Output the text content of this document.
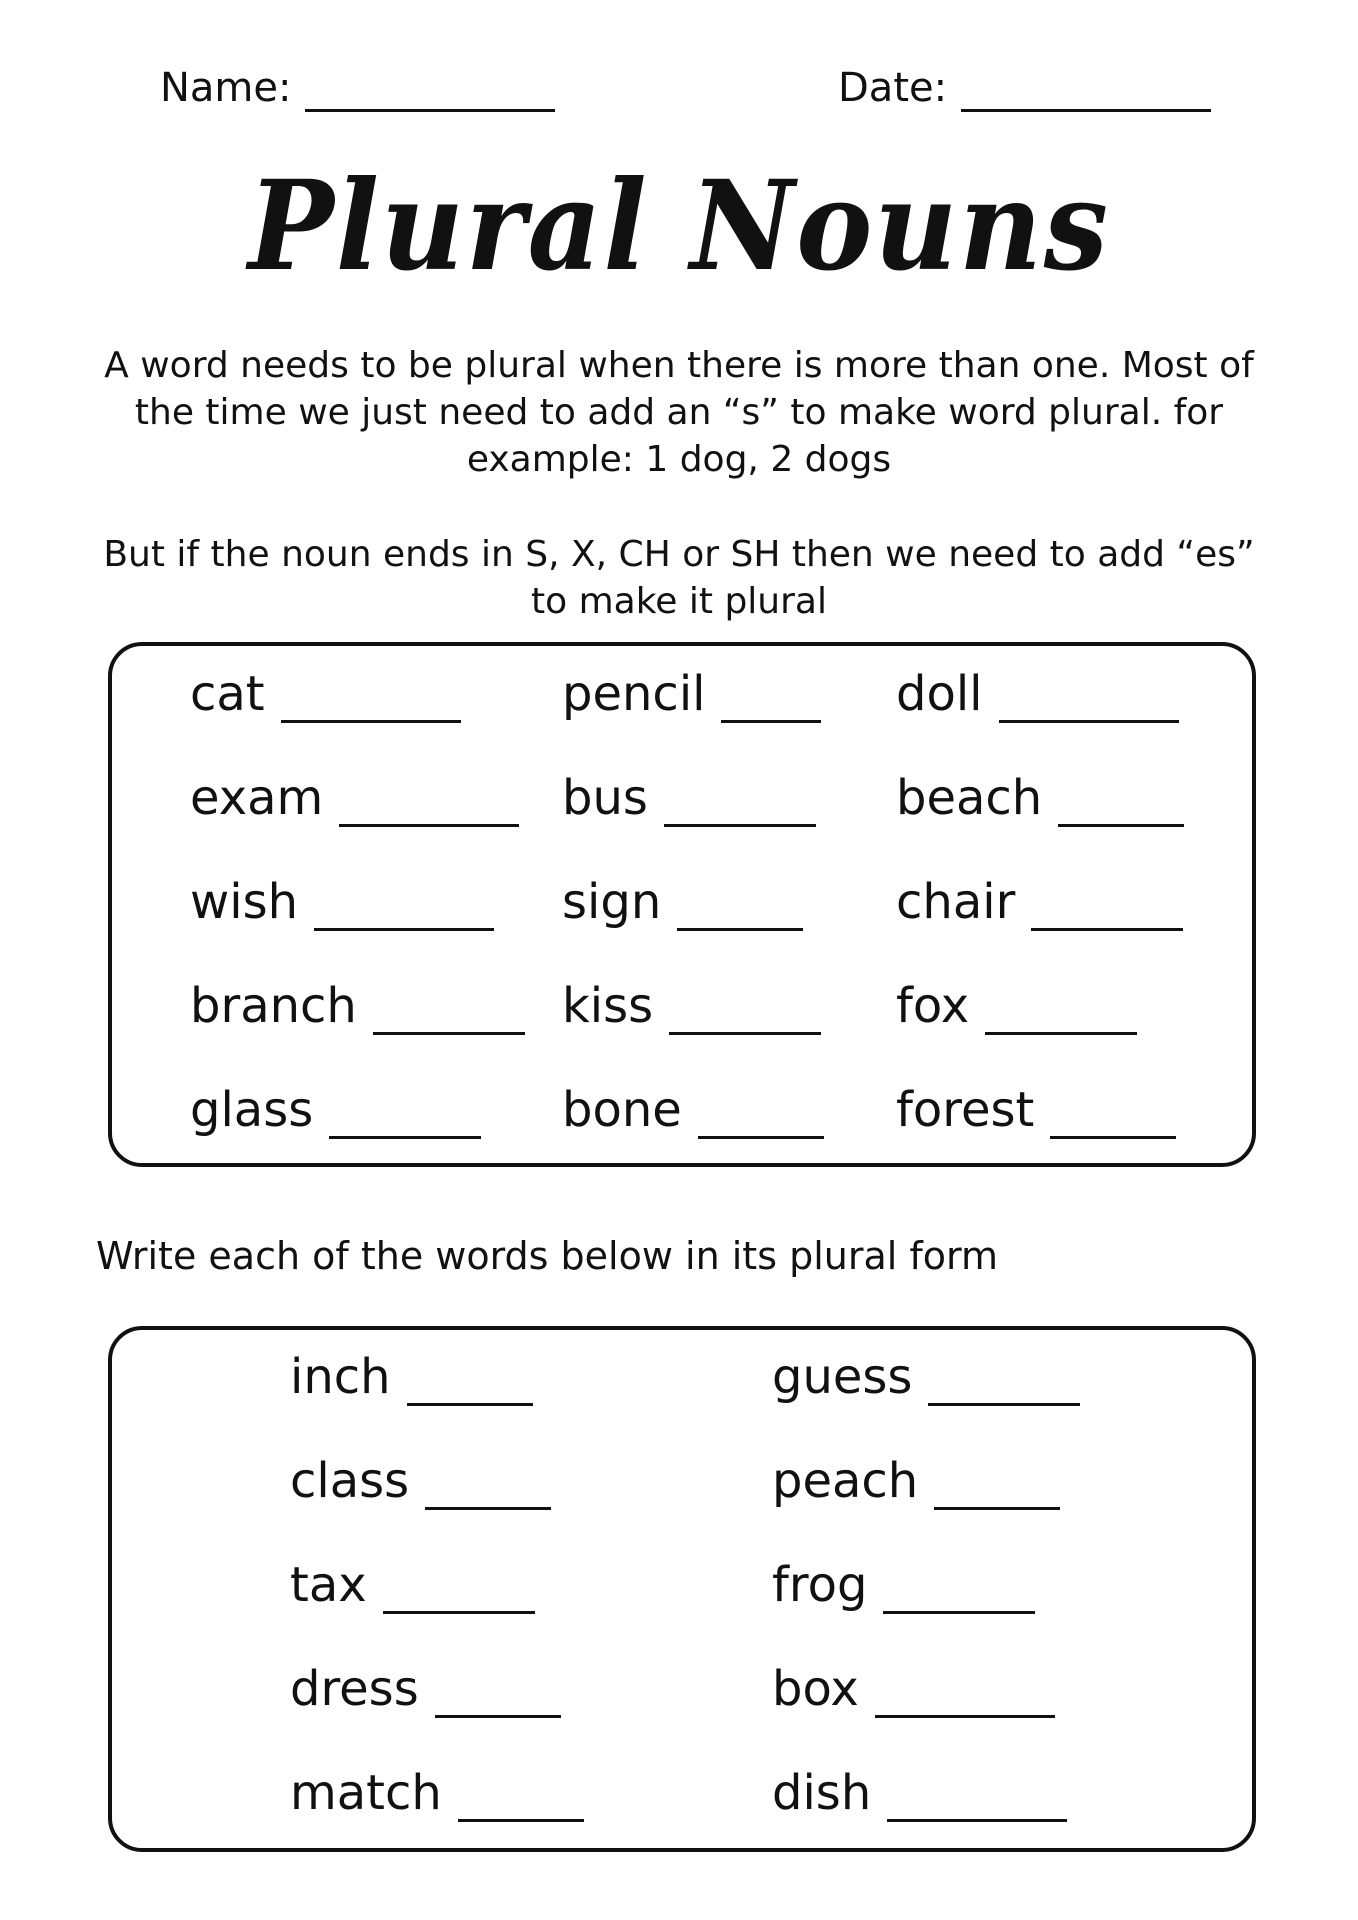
Name:	Date:
Plural Nouns
A word needs to be plural when there is more than one. Most of the time we just need to add an “s” to make word plural. for example: 1 dog, 2 dogs
But if the noun ends in S, X, CH or SH then we need to add “es” to make it plural
Write each of the words below in its plural form
cat	pencil	doll
exam	bus	beach
wish	sign	chair
branch	kiss	fox
glass	bone	forest
inch	guess
class	peach
tax	frog
dress	box
match	dish
